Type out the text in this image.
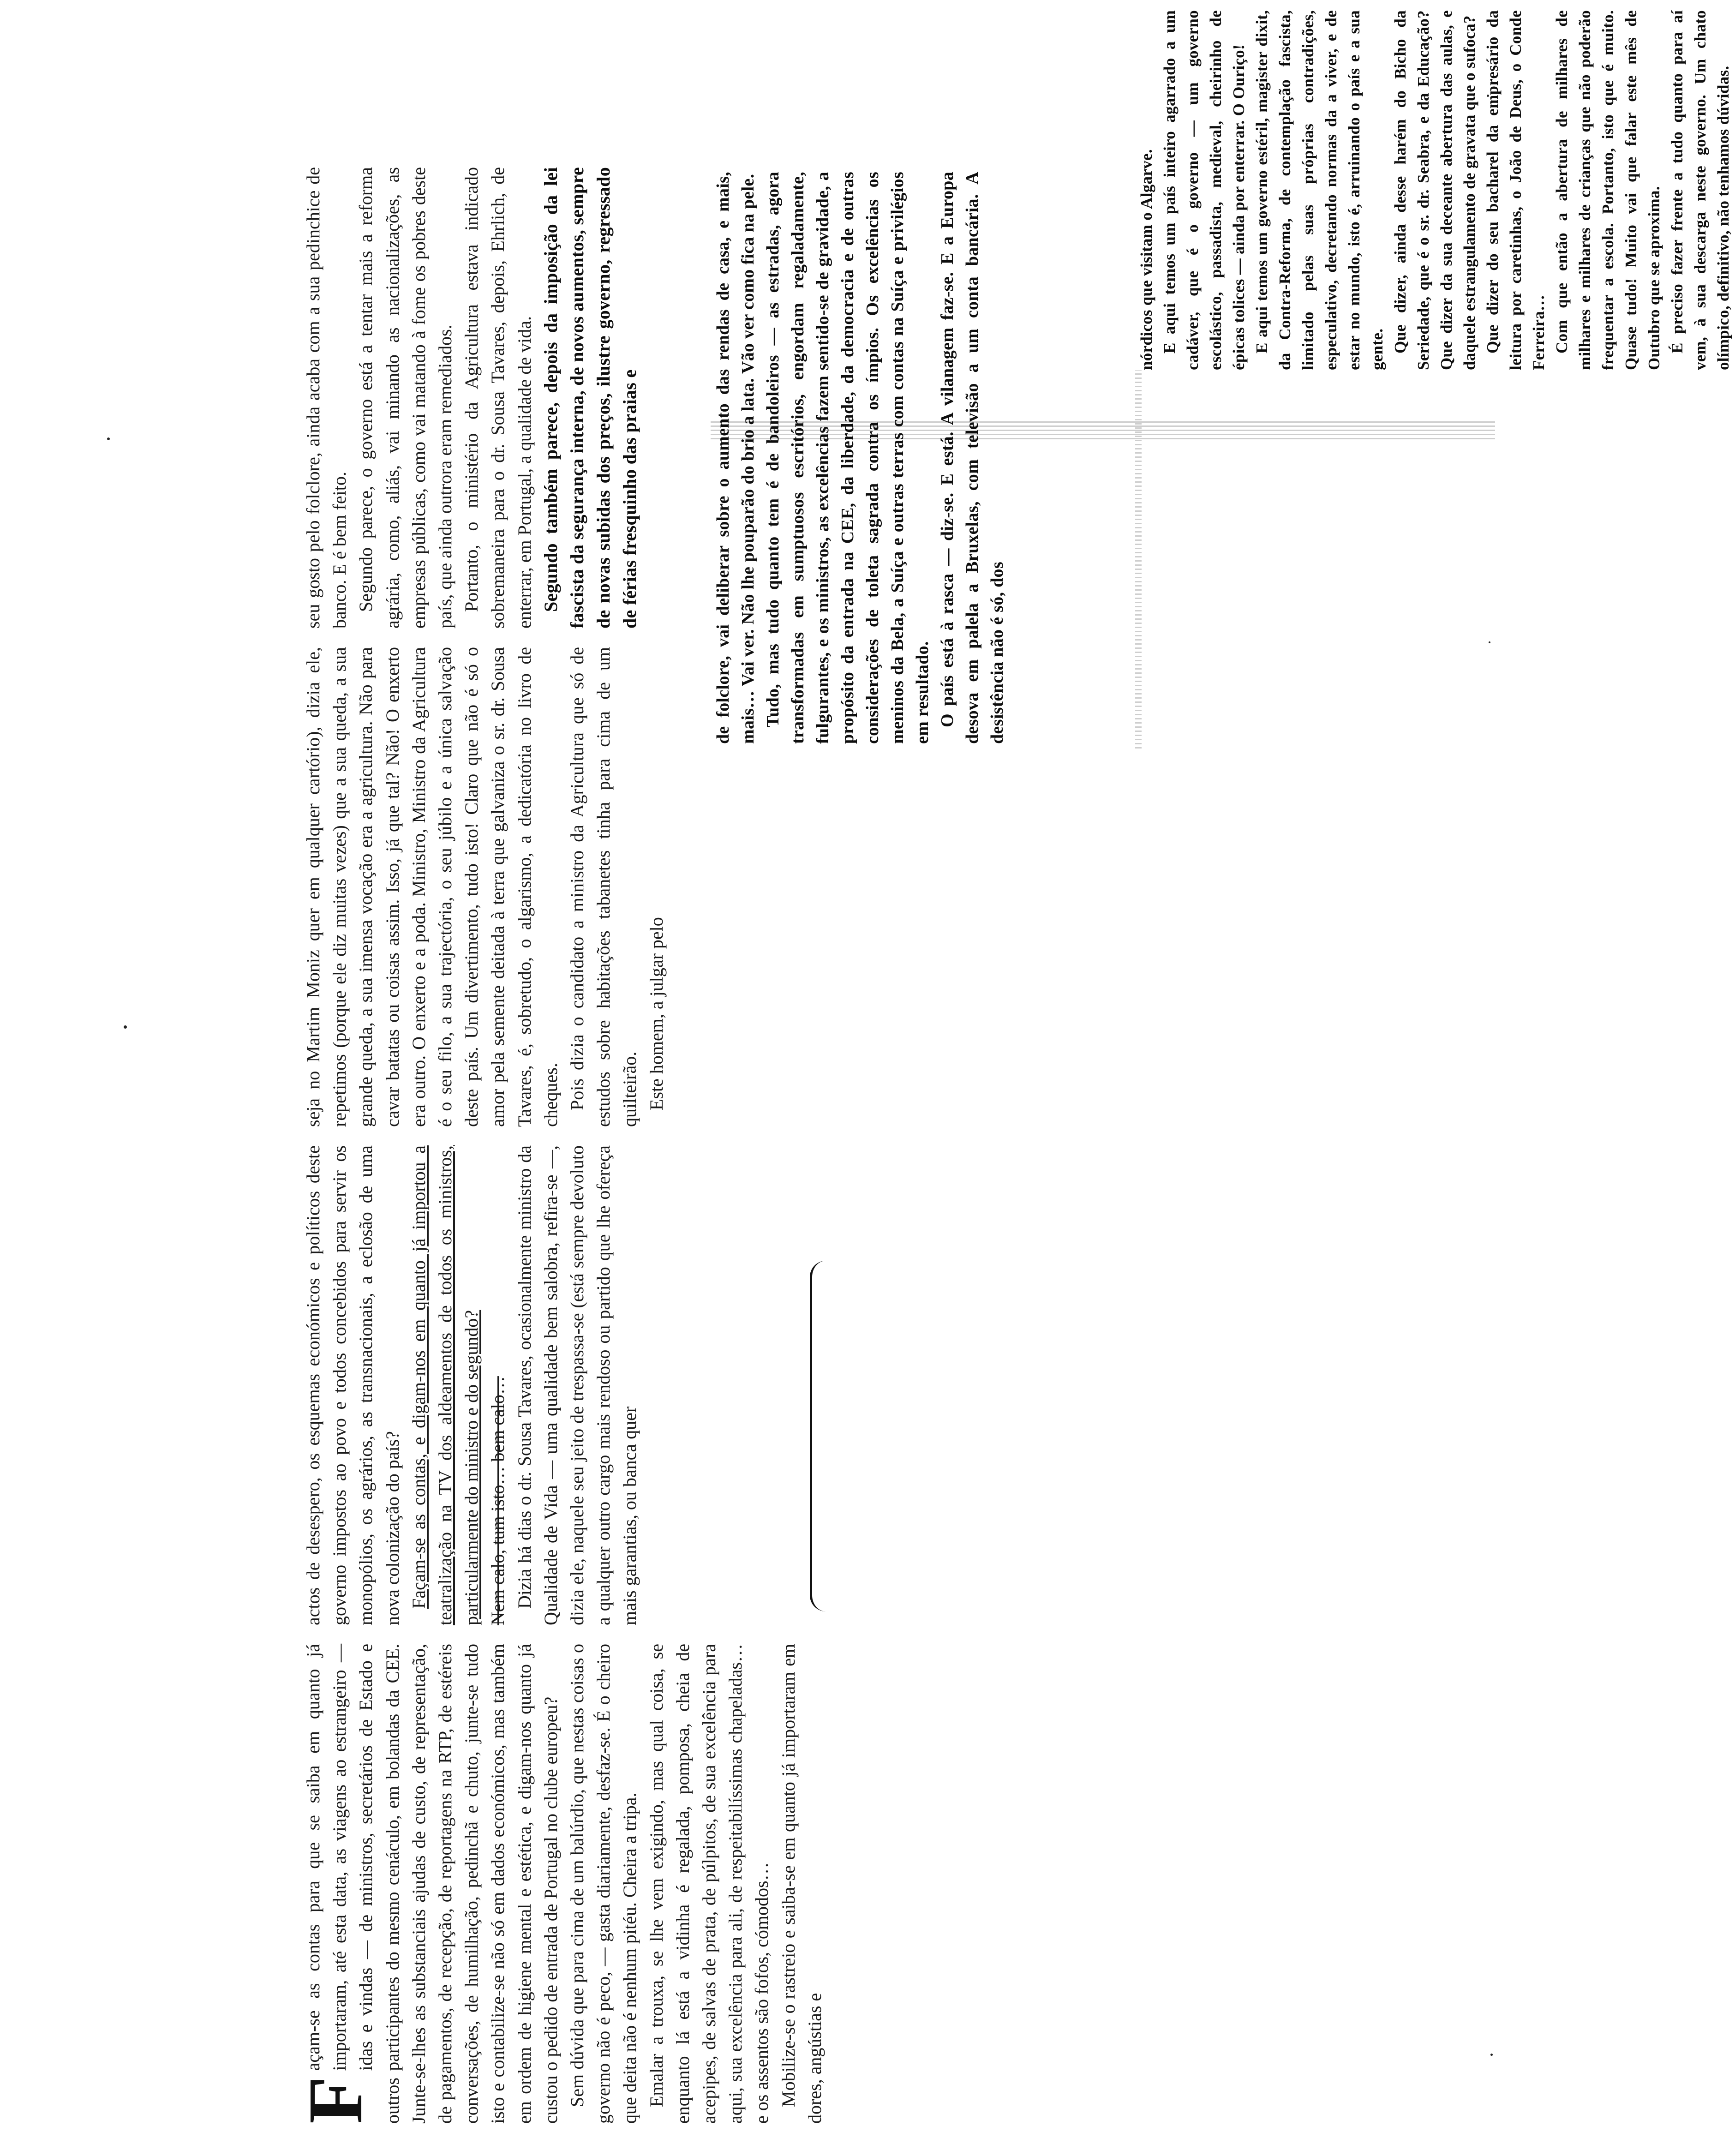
F

açam-se as contas para que se saiba em quanto já importaram, até esta data, as viagens ao estrangeiro — idas e vindas — de ministros, secretários de Estado e outros participantes do mesmo cenáculo, em bolandas da CEE. Junte-se-lhes as substanciais ajudas de custo, de representação, de pagamentos, de recepção, de reportagens na RTP, de estéreis conversações, de humilhação, pedinchã e chuto, junte-se tudo isto e contabilize-se não só em dados económicos, mas também em ordem de higiene mental e estética, e digam-nos quanto já custou o pedido de entrada de Portugal no clube europeu? Sem dúvida que para cima de um balúrdio, que nestas coisas o governo não é peco, — gasta diariamente, desfaz-se. É o cheiro que deita não é nenhum pitéu. Cheira a tripa. Emalar a trouxa, se lhe vem exigindo, mas qual coisa, se enquanto lá está a vidinha é regalada, pomposa, cheia de acepipes, de salvas de prata, de púlpitos, de sua excelência para aqui, sua excelência para ali, de respeitabilíssimas chapeladas… e os assentos são fofos, cómodos… Mobilize-se o rastreio e saiba-se em quanto já importaram em dores, angústias e

actos de desespero, os esquemas económicos e políticos deste governo impostos ao povo e todos concebidos para servir os monopólios, os agrários, as transnacionais, a eclosão de uma nova colonização do país? Façam-se as contas, e digam-nos em quanto já importou a teatralização na TV dos aldeamentos de todos os ministros, particularmente do ministro e do segundo? Nem calo, tum isto… bem calo… Dizia há dias o dr. Sousa Tavares, ocasionalmente ministro da Qualidade de Vida — uma qualidade bem salobra, refira-se —, dizia ele, naquele seu jeito de trespassa-se (está sempre devoluto a qualquer outro cargo mais rendoso ou partido que lhe ofereça mais garantias, ou banca quer

seja no Martim Moniz quer em qualquer cartório), dizia ele, repetimos (porque ele diz muitas vezes) que a sua queda, a sua grande queda, a sua imensa vocação era a agricultura. Não para cavar batatas ou coisas assim. Isso, já que tal? Não! O enxerto era outro. O enxerto e a poda. Ministro, Ministro da Agricultura é o seu filo, a sua trajectória, o seu júbilo e a única salvação deste país. Um divertimento, tudo isto! Claro que não é só o amor pela semente deitada à terra que galvaniza o sr. dr. Sousa Tavares, é, sobretudo, o algarismo, a dedicatória no livro de cheques. Pois dizia o candidato a ministro da Agricultura que só de estudos sobre habitações tabanetes tinha para cima de um quilteirão. Este homem, a julgar pelo

seu gosto pelo folclore, ainda acaba com a sua pedinchice de banco. E é bem feito. Segundo parece, o governo está a tentar mais a reforma agrária, como, aliás, vai minando as nacionalizações, as empresas públicas, como vai matando à fome os pobres deste país, que ainda outrora eram remediados. Portanto, o ministério da Agricultura estava indicado sobremaneira para o dr. Sousa Tavares, depois, Ehrlich, de enterrar, em Portugal, a qualidade de vida. Segundo também parece, depois da imposição da lei fascista da segurança interna, de novos aumentos, sempre de novas subidas dos preços, ilustre governo, regressado de férias fresquinho das praias e	de folclore, vai deliberar sobre o aumento das rendas de casa, e mais, mais… Vai ver. Não lhe pouparão do brio a lata. Vão ver como fica na pele. Tudo, mas tudo quanto tem é de bandoleiros — as estradas, agora transformadas em sumptuosos escritórios, engordam regaladamente, fulgurantes, e os ministros, as excelências fazem sentido-se de gravidade, a propósito da entrada na CEE, da liberdade, da democracia e de outras considerações de toleta sagrada contra os ímpios. Os excelências os meninos da Bela, a Suíça e outras terras com contas na Suíça e privilégios em resultado. O país está à rasca — diz-se. E está. A vilanagem faz-se. E a Europa desova em palela a Bruxelas, com televisão a um conta bancária. A desistência não é só, dos

nórdicos que visitam o Algarve. E aqui temos um país inteiro agarrado a um cadáver, que é o governo — um governo escolástico, passadista, medieval, cheirinho de épicas tolices — ainda por enterrar. O Ouriço! E aqui temos um governo estéril, magister dixit, da Contra-Reforma, de contemplação fascista, limitado pelas suas próprias contradições, especulativo, decretando normas da a viver, e de estar no mundo, isto é, arruinando o país e a sua gente. Que dizer, ainda desse harém do Bicho da Seriedade, que é o sr. dr. Seabra, e da Educação? Que dizer da sua deceante abertura das aulas, e daquele estrangulamento de gravata que o sufoca? Que dizer do seu bacharel da empresário da leitura por caretinhas, o João de Deus, o Conde Ferreira… Com que então a abertura de milhares de milhares e milhares de crianças que não poderão frequentar a escola. Portanto, isto que é muito. Quase tudo! Muito vai que falar este mês de Outubro que se aproxima. É preciso fazer frente a tudo quanto para aí vem, à sua descarga neste governo. Um chato olímpico, definitivo, não tenhamos dúvidas.
